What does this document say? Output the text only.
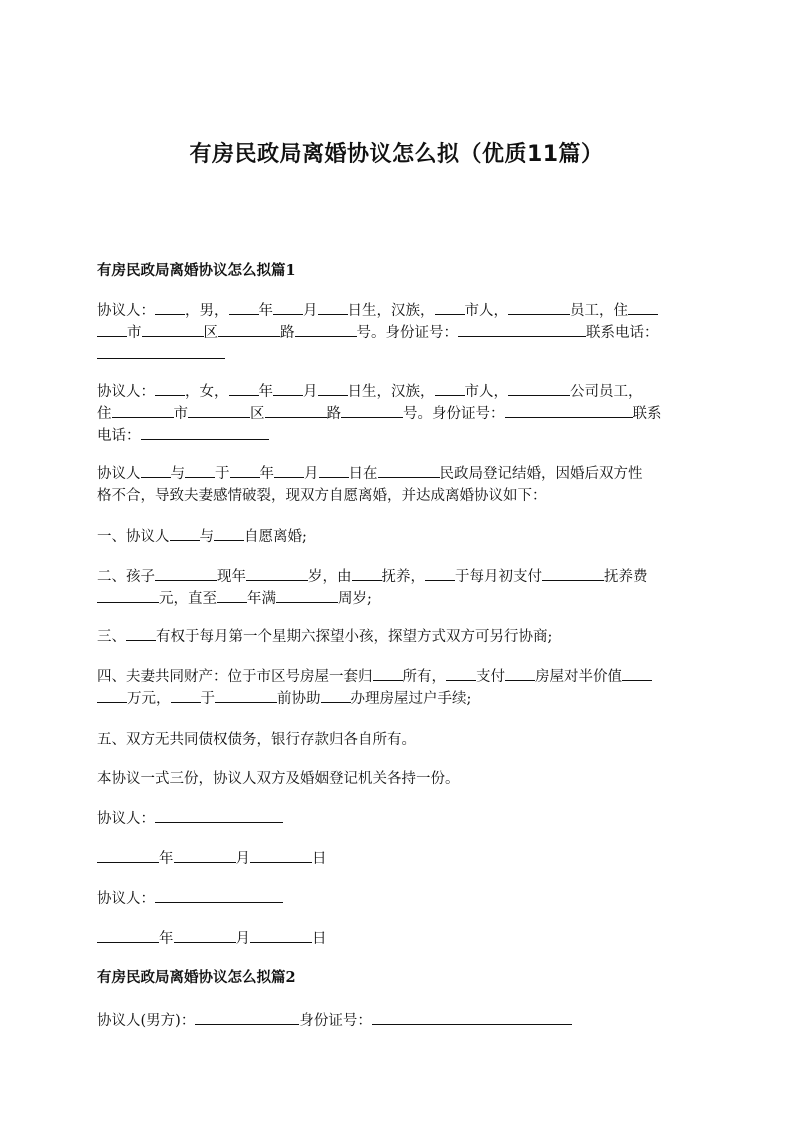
有房民政局离婚协议怎么拟（优质11篇）
有房民政局离婚协议怎么拟篇1
协议人： ，男， 年 月 日生，汉族， 市人，	员工，住
市	区	路	号。身份证号：	联系电话：
协议人： ，女， 年 月 日生，汉族， 市人，	公司员工，
住	市	区	路	号。身份证号：	联系
电话：
协议人 与 于 年 月 日在	民政局登记结婚，因婚后双方性
格不合，导致夫妻感情破裂，现双方自愿离婚，并达成离婚协议如下：
一、协议人 与 自愿离婚;
二、孩子	现年	岁，由 抚养， 于每月初支付	抚养费
元，直至 年满	周岁;
三、 有权于每月第一个星期六探望小孩，探望方式双方可另行协商;
四、夫妻共同财产：位于市区号房屋一套归 所有， 支付 房屋对半价值
万元， 于	前协助 办理房屋过户手续;
五、双方无共同债权债务，银行存款归各自所有。
本协议一式三份，协议人双方及婚姻登记机关各持一份。
协议人：
年	月	日
协议人：
年	月	日
有房民政局离婚协议怎么拟篇2
协议人(男方)：	身份证号：
